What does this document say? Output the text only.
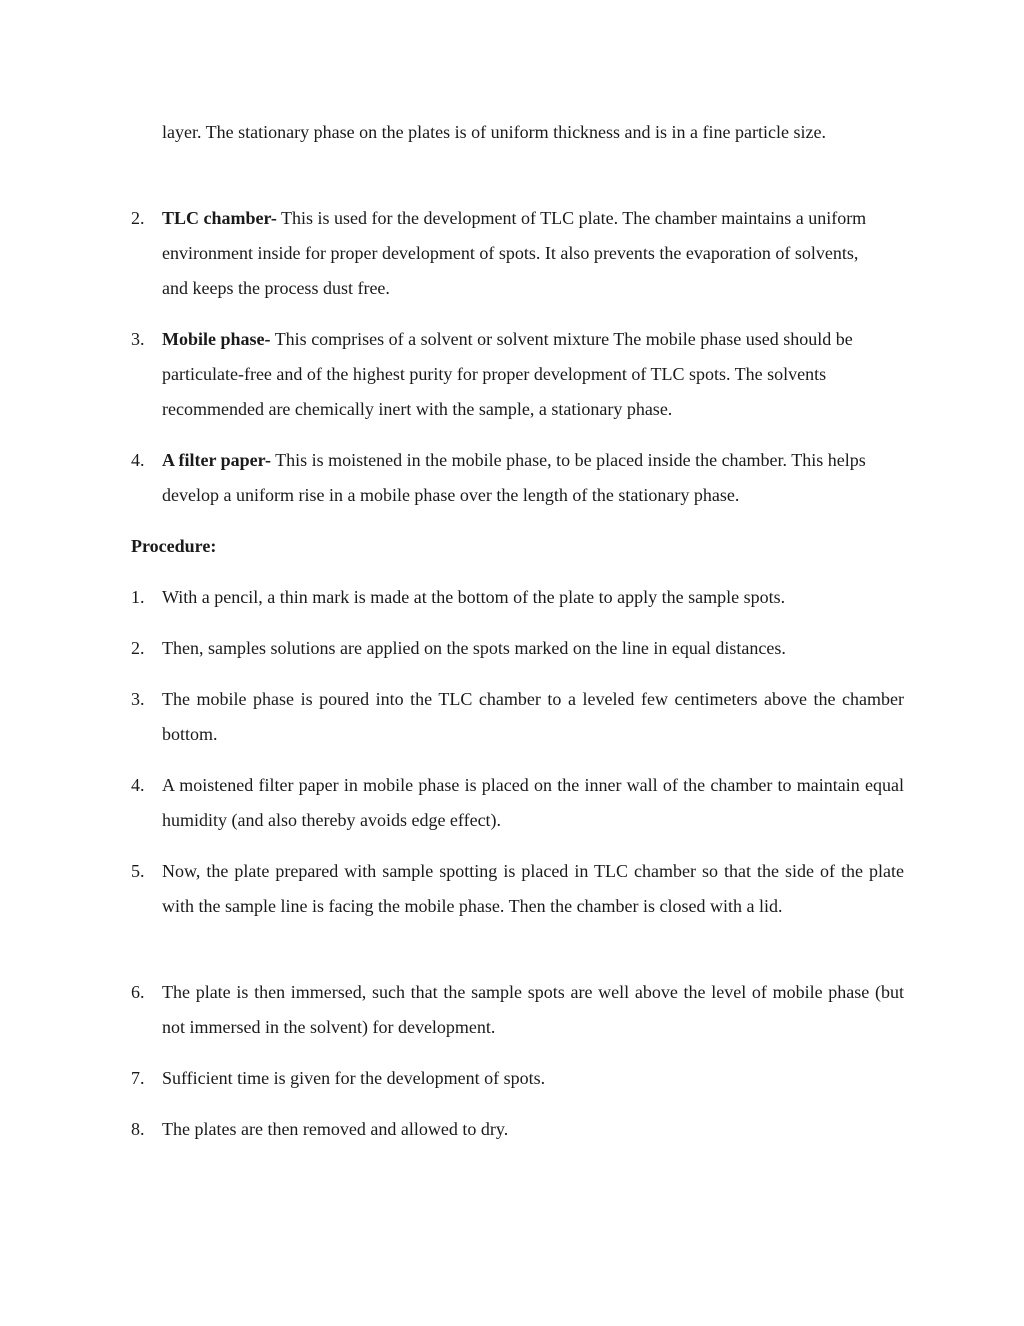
layer. The stationary phase on the plates is of uniform thickness and is in a fine particle size.

2. TLC chamber- This is used for the development of TLC plate. The chamber maintains a uniform environment inside for proper development of spots. It also prevents the evaporation of solvents, and keeps the process dust free.
3. Mobile phase- This comprises of a solvent or solvent mixture The mobile phase used should be particulate-free and of the highest purity for proper development of TLC spots. The solvents recommended are chemically inert with the sample, a stationary phase.
4. A filter paper- This is moistened in the mobile phase, to be placed inside the chamber. This helps develop a uniform rise in a mobile phase over the length of the stationary phase.
Procedure:
1. With a pencil, a thin mark is made at the bottom of the plate to apply the sample spots.
2. Then, samples solutions are applied on the spots marked on the line in equal distances.
3. The mobile phase is poured into the TLC chamber to a leveled few centimeters above the chamber bottom.
4. A moistened filter paper in mobile phase is placed on the inner wall of the chamber to maintain equal humidity (and also thereby avoids edge effect).
5. Now, the plate prepared with sample spotting is placed in TLC chamber so that the side of the plate with the sample line is facing the mobile phase. Then the chamber is closed with a lid.
6. The plate is then immersed, such that the sample spots are well above the level of mobile phase (but not immersed in the solvent) for development.
7. Sufficient time is given for the development of spots.
8. The plates are then removed and allowed to dry.
